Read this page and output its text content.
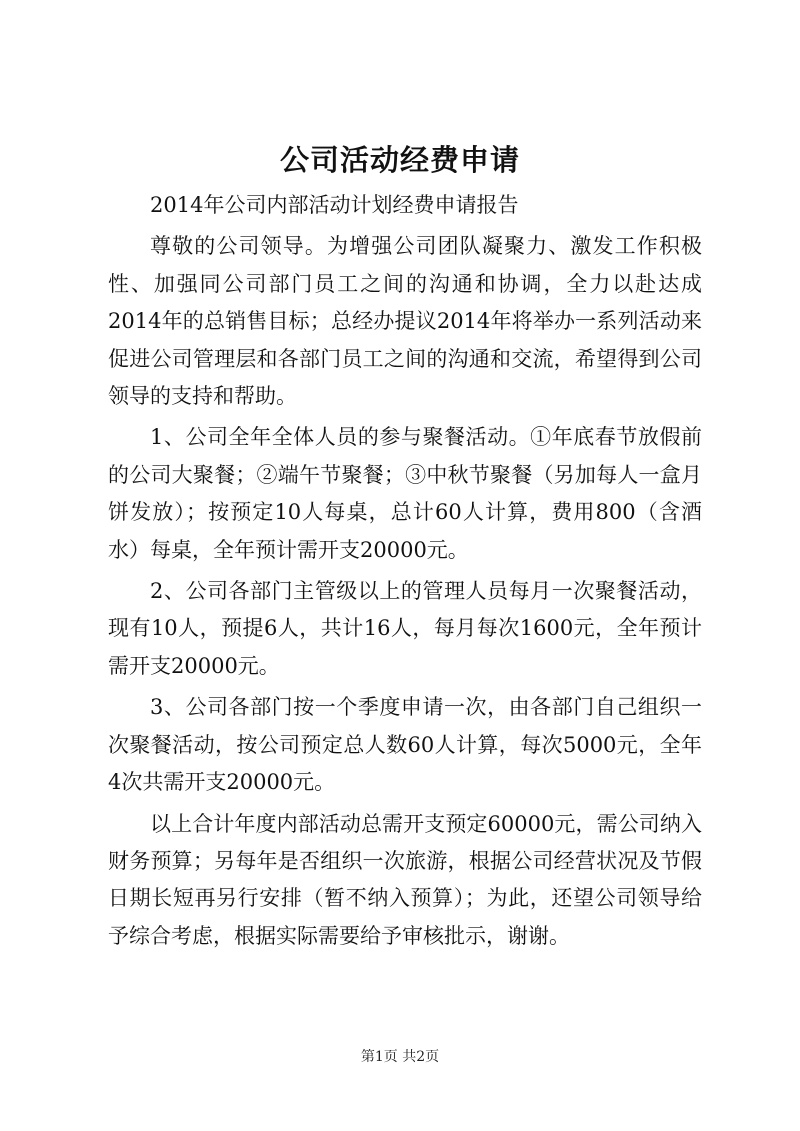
公司活动经费申请

2014年公司内部活动计划经费申请报告

尊敬的公司领导。为增强公司团队凝聚力、激发工作积极性、加强同公司部门员工之间的沟通和协调，全力以赴达成2014年的总销售目标；总经办提议2014年将举办一系列活动来促进公司管理层和各部门员工之间的沟通和交流，希望得到公司领导的支持和帮助。

1、公司全年全体人员的参与聚餐活动。①年底春节放假前的公司大聚餐；②端午节聚餐；③中秋节聚餐（另加每人一盒月饼发放）；按预定10人每桌，总计60人计算，费用800（含酒水）每桌，全年预计需开支20000元。

2、公司各部门主管级以上的管理人员每月一次聚餐活动，现有10人，预提6人，共计16人，每月每次1600元，全年预计需开支20000元。

3、公司各部门按一个季度申请一次，由各部门自己组织一次聚餐活动，按公司预定总人数60人计算，每次5000元，全年4次共需开支20000元。

以上合计年度内部活动总需开支预定60000元，需公司纳入财务预算；另每年是否组织一次旅游，根据公司经营状况及节假日期长短再另行安排（暂不纳入预算）；为此，还望公司领导给予综合考虑，根据实际需要给予审核批示，谢谢。

第1页 共2页
